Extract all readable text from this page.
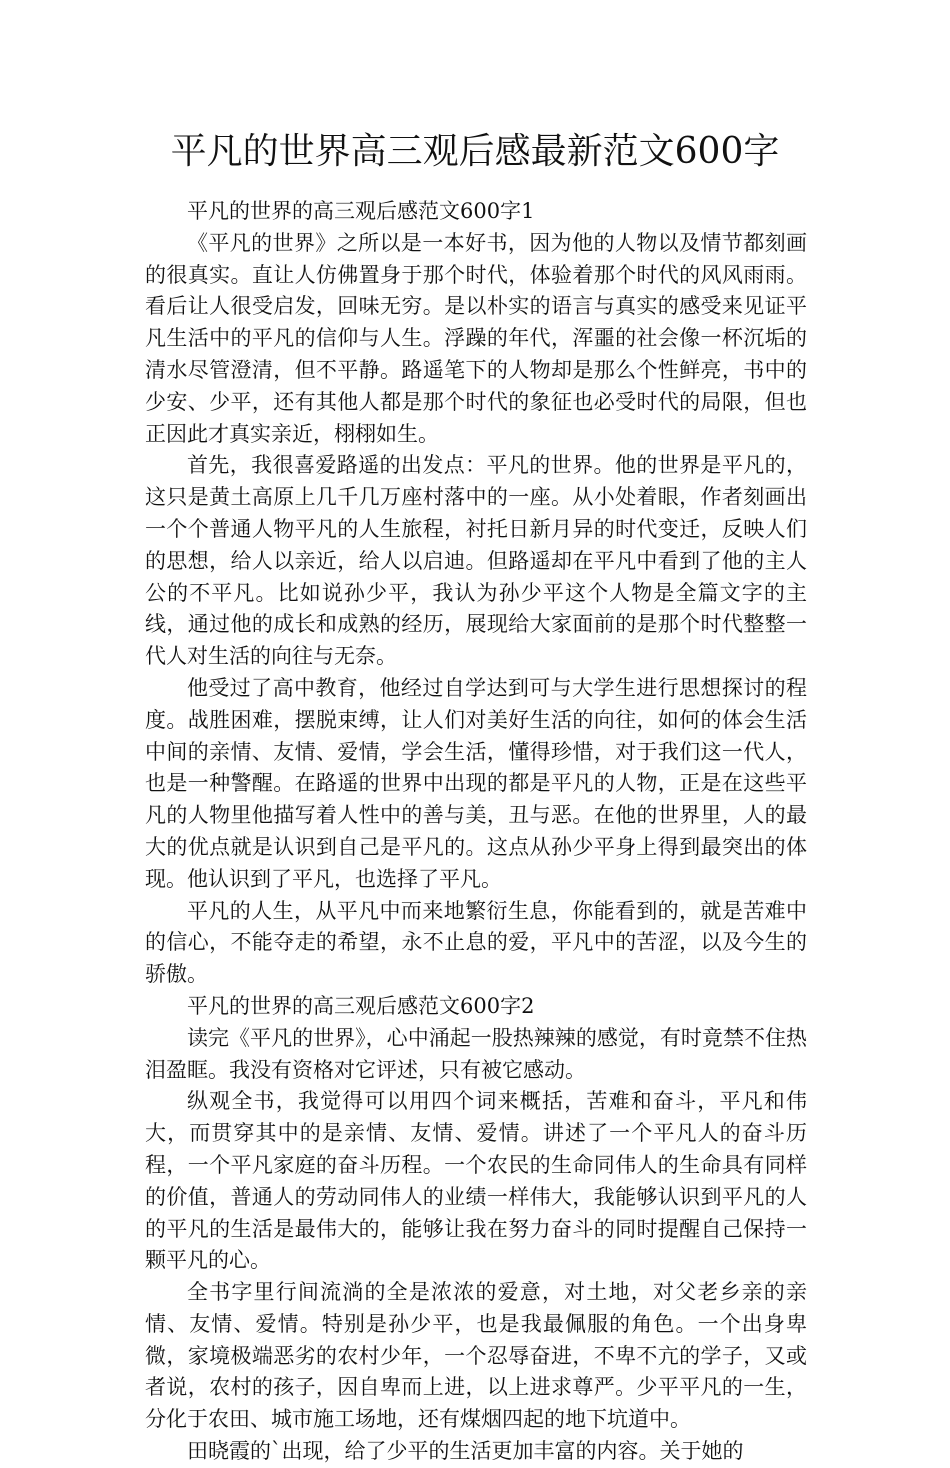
平凡的世界高三观后感最新范文600字

平凡的世界的高三观后感范文600字1

《平凡的世界》之所以是一本好书，因为他的人物以及情节都刻画的很真实。直让人仿佛置身于那个时代，体验着那个时代的风风雨雨。看后让人很受启发，回味无穷。是以朴实的语言与真实的感受来见证平凡生活中的平凡的信仰与人生。浮躁的年代，浑噩的社会像一杯沉垢的清水尽管澄清，但不平静。路遥笔下的人物却是那么个性鲜亮，书中的少安、少平，还有其他人都是那个时代的象征也必受时代的局限，但也正因此才真实亲近，栩栩如生。

首先，我很喜爱路遥的出发点：平凡的世界。他的世界是平凡的，这只是黄土高原上几千几万座村落中的一座。从小处着眼，作者刻画出一个个普通人物平凡的人生旅程，衬托日新月异的时代变迁，反映人们的思想，给人以亲近，给人以启迪。但路遥却在平凡中看到了他的主人公的不平凡。比如说孙少平，我认为孙少平这个人物是全篇文字的主线，通过他的成长和成熟的经历，展现给大家面前的是那个时代整整一代人对生活的向往与无奈。

他受过了高中教育，他经过自学达到可与大学生进行思想探讨的程度。战胜困难，摆脱束缚，让人们对美好生活的向往，如何的体会生活中间的亲情、友情、爱情，学会生活，懂得珍惜，对于我们这一代人，也是一种警醒。在路遥的世界中出现的都是平凡的人物，正是在这些平凡的人物里他描写着人性中的善与美，丑与恶。在他的世界里，人的最大的优点就是认识到自己是平凡的。这点从孙少平身上得到最突出的体现。他认识到了平凡，也选择了平凡。

平凡的人生，从平凡中而来地繁衍生息，你能看到的，就是苦难中的信心，不能夺走的希望，永不止息的爱，平凡中的苦涩，以及今生的骄傲。

平凡的世界的高三观后感范文600字2

读完《平凡的世界》，心中涌起一股热辣辣的感觉，有时竟禁不住热泪盈眶。我没有资格对它评述，只有被它感动。

纵观全书，我觉得可以用四个词来概括，苦难和奋斗，平凡和伟大，而贯穿其中的是亲情、友情、爱情。讲述了一个平凡人的奋斗历程，一个平凡家庭的奋斗历程。一个农民的生命同伟人的生命具有同样的价值，普通人的劳动同伟人的业绩一样伟大，我能够认识到平凡的人的平凡的生活是最伟大的，能够让我在努力奋斗的同时提醒自己保持一颗平凡的心。

全书字里行间流淌的全是浓浓的爱意，对土地，对父老乡亲的亲情、友情、爱情。特别是孙少平，也是我最佩服的角色。一个出身卑微，家境极端恶劣的农村少年，一个忍辱奋进，不卑不亢的学子，又或者说，农村的孩子，因自卑而上进，以上进求尊严。少平平凡的一生，分化于农田、城市施工场地，还有煤烟四起的地下坑道中。

田晓霞的`出现，给了少平的生活更加丰富的内容。关于她的
